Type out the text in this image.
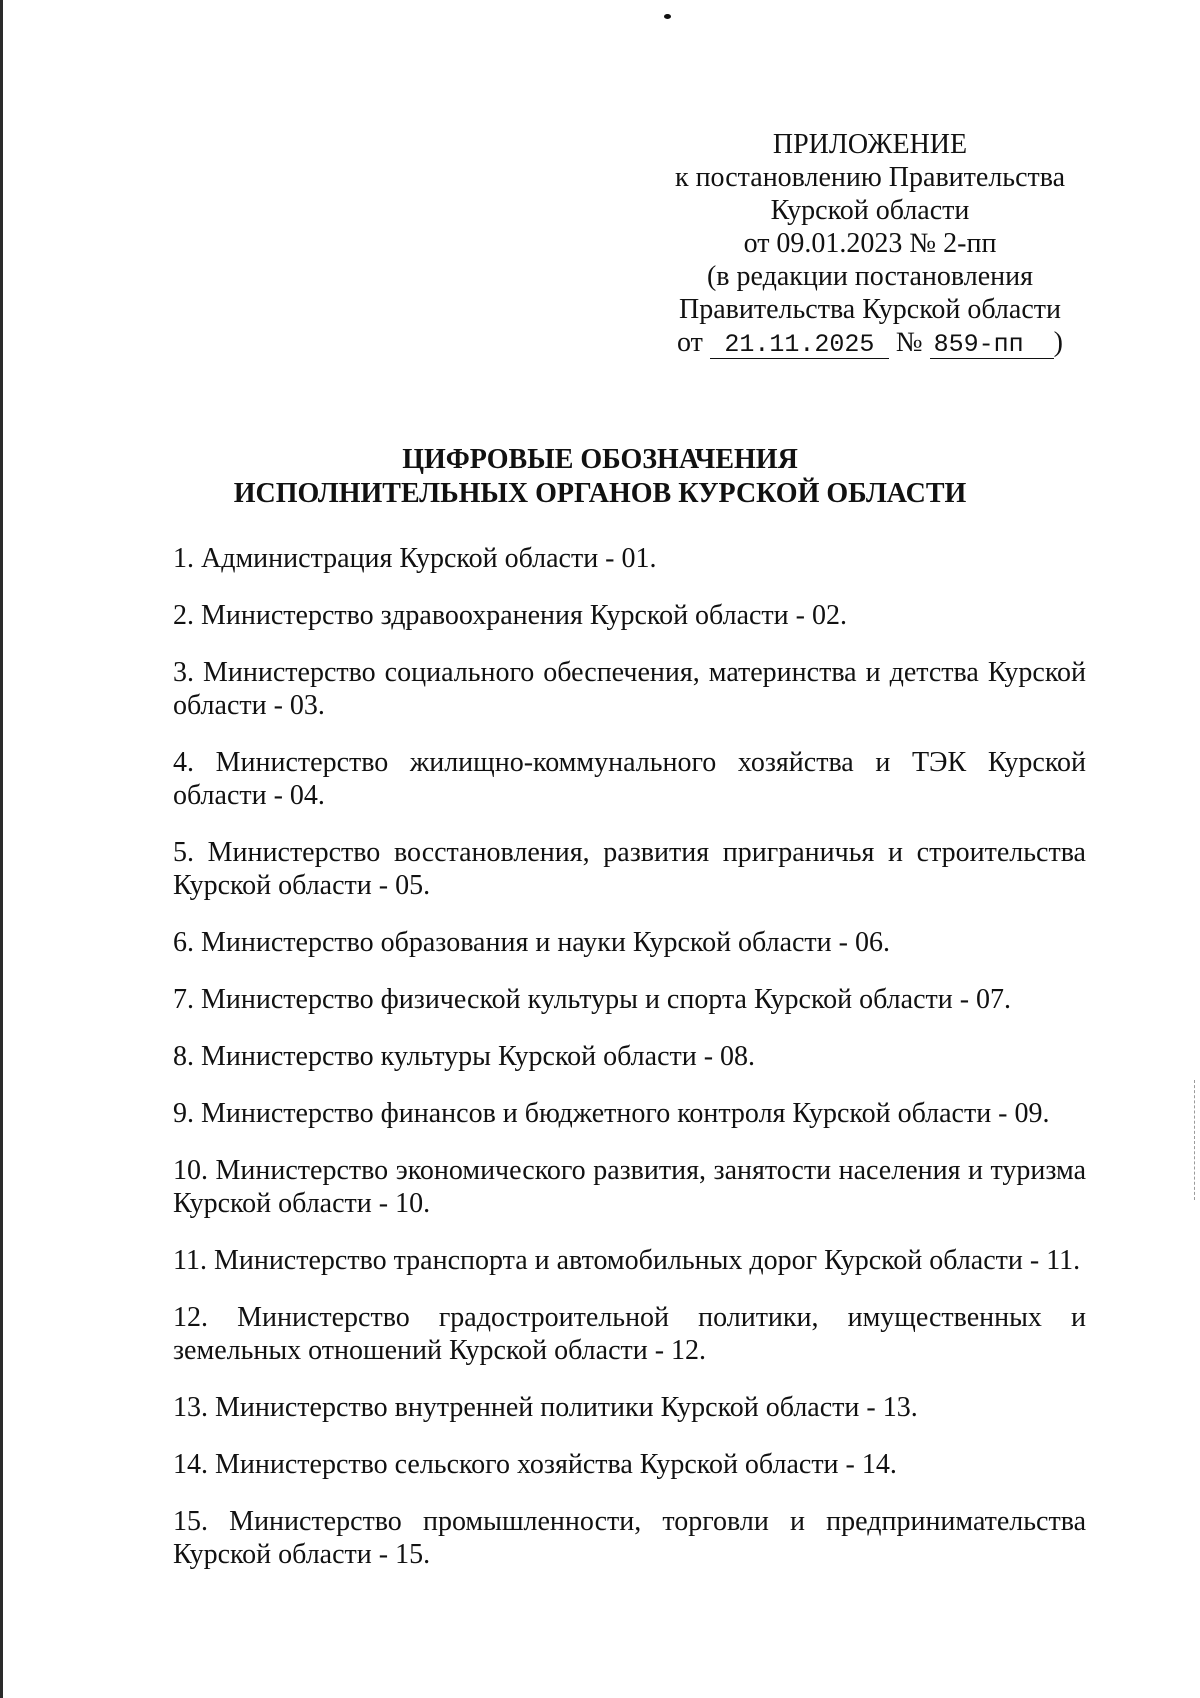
ПРИЛОЖЕНИЕ
к постановлению Правительства
Курской области
от 09.01.2023 № 2-пп
(в редакции постановления
Правительства Курской области
от 21.11.2025 № 859-пп )
ЦИФРОВЫЕ ОБОЗНАЧЕНИЯ
ИСПОЛНИТЕЛЬНЫХ ОРГАНОВ КУРСКОЙ ОБЛАСТИ

1. Администрация Курской области - 01.

2. Министерство здравоохранения Курской области - 02.

3. Министерство социального обеспечения, материнства и детства Курской области - 03.

4. Министерство жилищно-коммунального хозяйства и ТЭК Курской области - 04.

5. Министерство восстановления, развития приграничья и строительства Курской области - 05.

6. Министерство образования и науки Курской области - 06.

7. Министерство физической культуры и спорта Курской области - 07.

8. Министерство культуры Курской области - 08.

9. Министерство финансов и бюджетного контроля Курской области - 09.

10. Министерство экономического развития, занятости населения и туризма Курской области - 10.

11. Министерство транспорта и автомобильных дорог Курской области - 11.

12. Министерство градостроительной политики, имущественных и земельных отношений Курской области - 12.

13. Министерство внутренней политики Курской области - 13.

14. Министерство сельского хозяйства Курской области - 14.

15. Министерство промышленности, торговли и предпринимательства Курской области - 15.
